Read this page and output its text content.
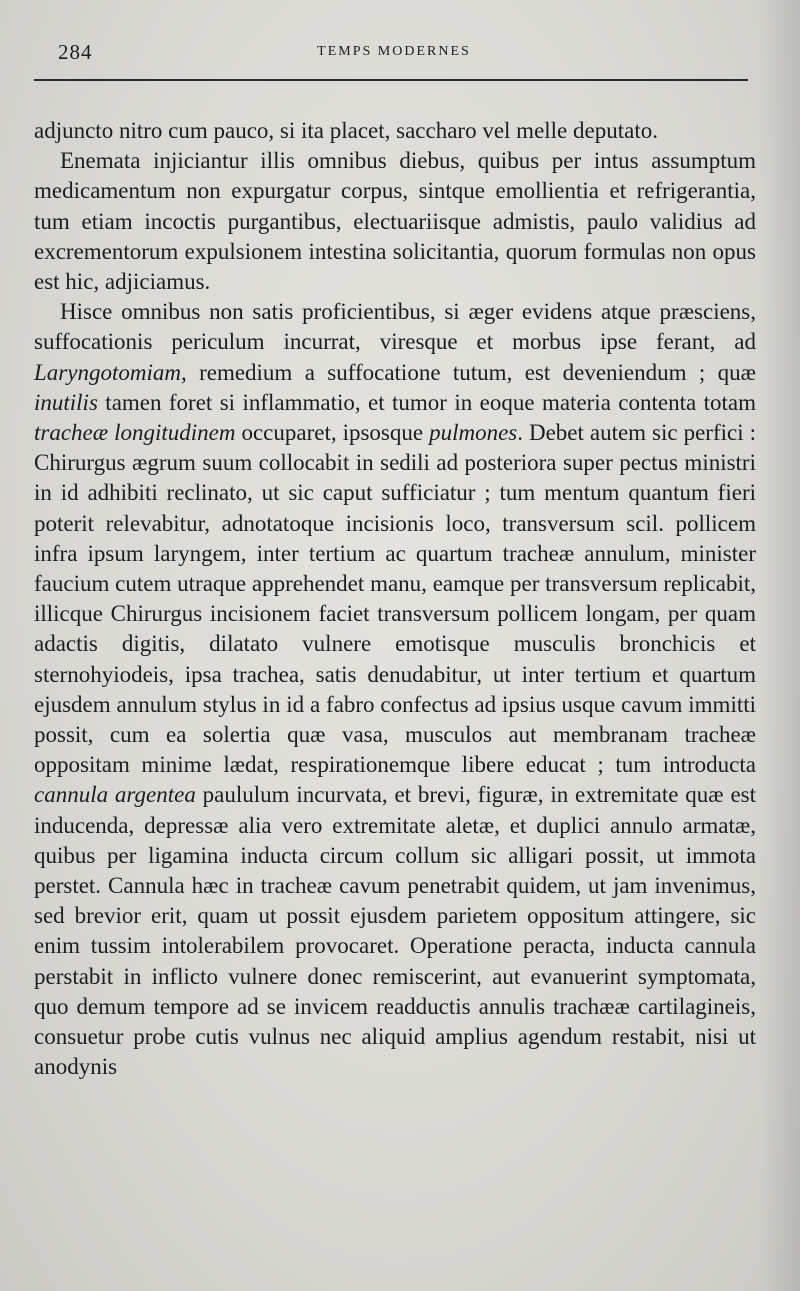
284	TEMPS MODERNES

adjuncto nitro cum pauco, si ita placet, saccharo vel melle deputato.

Enemata injiciantur illis omnibus diebus, quibus per intus assumptum medicamentum non expurgatur corpus, sintque emollientia et refrigerantia, tum etiam incoctis purgantibus, electuariisque admistis, paulo validius ad excrementorum expulsionem intestina solicitantia, quorum formulas non opus est hic, adjiciamus.

Hisce omnibus non satis proficientibus, si æger evidens atque præsciens, suffocationis periculum incurrat, viresque et morbus ipse ferant, ad Laryngotomiam, remedium a suffocatione tutum, est deveniendum ; quæ inutilis tamen foret si inflammatio, et tumor in eoque materia contenta totam tracheæ longitudinem occuparet, ipsosque pulmones. Debet autem sic perfici : Chirurgus ægrum suum collocabit in sedili ad posteriora super pectus ministri in id adhibiti reclinato, ut sic caput sufficiatur ; tum mentum quantum fieri poterit relevabitur, adnotatoque incisionis loco, transversum scil. pollicem infra ipsum laryngem, inter tertium ac quartum tracheæ annulum, minister faucium cutem utraque apprehendet manu, eamque per transversum replicabit, illicque Chirurgus incisionem faciet transversum pollicem longam, per quam adactis digitis, dilatato vulnere emotisque musculis bronchicis et sternohyiodeis, ipsa trachea, satis denudabitur, ut inter tertium et quartum ejusdem annulum stylus in id a fabro confectus ad ipsius usque cavum immitti possit, cum ea solertia quæ vasa, musculos aut membranam tracheæ oppositam minime lædat, respirationemque libere educat ; tum introducta cannula argentea paululum incurvata, et brevi, figuræ, in extremitate quæ est inducenda, depressæ alia vero extremitate aletæ, et duplici annulo armatæ, quibus per ligamina inducta circum collum sic alligari possit, ut immota perstet. Cannula hæc in tracheæ cavum penetrabit quidem, ut jam invenimus, sed brevior erit, quam ut possit ejusdem parietem oppositum attingere, sic enim tussim intolerabilem provocaret. Operatione peracta, inducta cannula perstabit in inflicto vulnere donec remiscerint, aut evanuerint symptomata, quo demum tempore ad se invicem readductis annulis trachææ cartilagineis, consuetur probe cutis vulnus nec aliquid amplius agendum restabit, nisi ut anodynis
